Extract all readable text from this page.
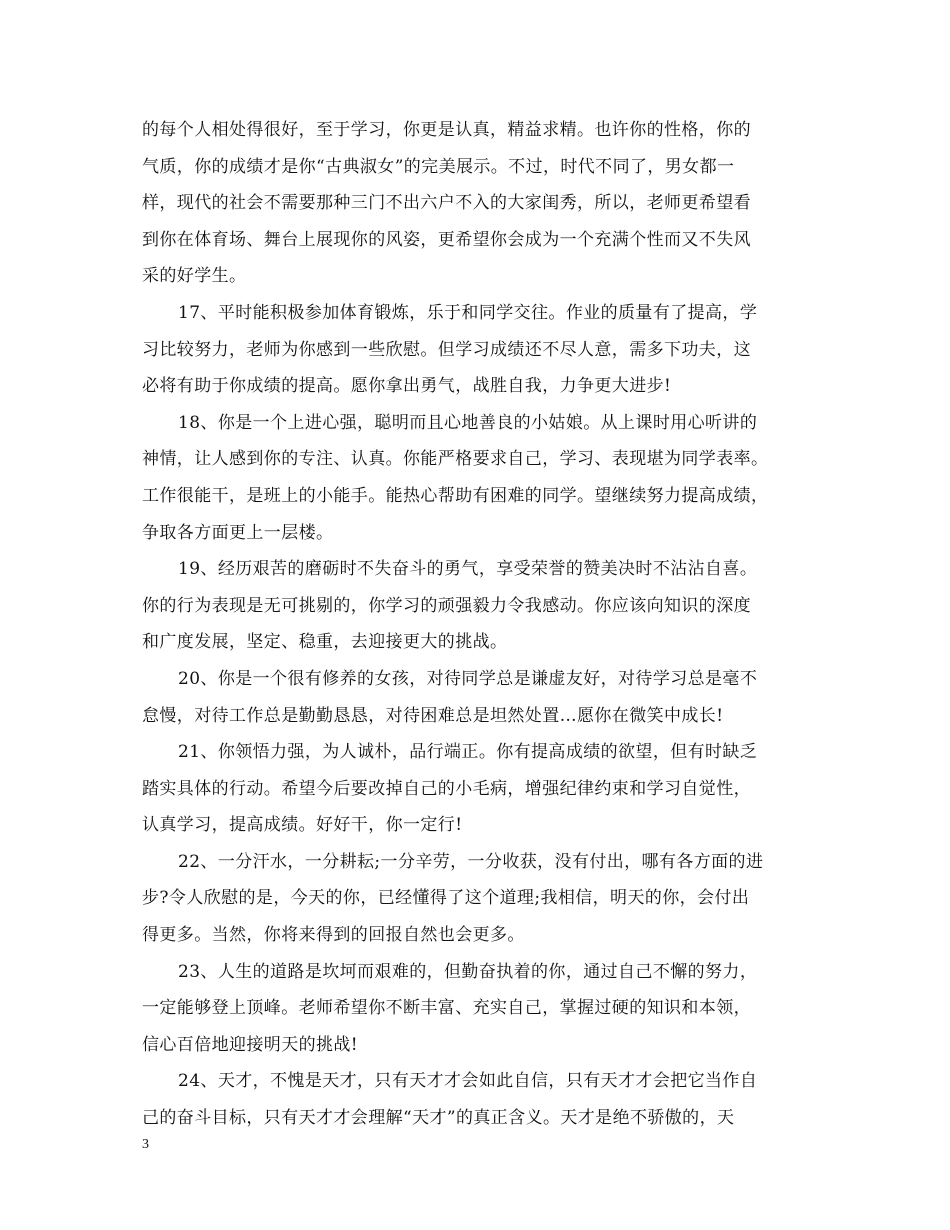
的每个人相处得很好，至于学习，你更是认真，精益求精。也许你的性格，你的
气质，你的成绩才是你“古典淑女”的完美展示。不过，时代不同了，男女都一
样，现代的社会不需要那种三门不出六户不入的大家闺秀，所以，老师更希望看
到你在体育场、舞台上展现你的风姿，更希望你会成为一个充满个性而又不失风
采的好学生。
17、平时能积极参加体育锻炼，乐于和同学交往。作业的质量有了提高，学
习比较努力，老师为你感到一些欣慰。但学习成绩还不尽人意，需多下功夫，这
必将有助于你成绩的提高。愿你拿出勇气，战胜自我，力争更大进步!
18、你是一个上进心强，聪明而且心地善良的小姑娘。从上课时用心听讲的
神情，让人感到你的专注、认真。你能严格要求自己，学习、表现堪为同学表率。
工作很能干，是班上的小能手。能热心帮助有困难的同学。望继续努力提高成绩，
争取各方面更上一层楼。
19、经历艰苦的磨砺时不失奋斗的勇气，享受荣誉的赞美决时不沾沾自喜。
你的行为表现是无可挑剔的，你学习的顽强毅力令我感动。你应该向知识的深度
和广度发展，坚定、稳重，去迎接更大的挑战。
20、你是一个很有修养的女孩，对待同学总是谦虚友好，对待学习总是毫不
怠慢，对待工作总是勤勤恳恳，对待困难总是坦然处置…愿你在微笑中成长!
21、你领悟力强，为人诚朴，品行端正。你有提高成绩的欲望，但有时缺乏
踏实具体的行动。希望今后要改掉自己的小毛病，增强纪律约束和学习自觉性，
认真学习，提高成绩。好好干，你一定行!
22、一分汗水，一分耕耘;一分辛劳，一分收获，没有付出，哪有各方面的进
步?令人欣慰的是，今天的你，已经懂得了这个道理;我相信，明天的你，会付出
得更多。当然，你将来得到的回报自然也会更多。
23、人生的道路是坎坷而艰难的，但勤奋执着的你，通过自己不懈的努力，
一定能够登上顶峰。老师希望你不断丰富、充实自己，掌握过硬的知识和本领，
信心百倍地迎接明天的挑战!
24、天才，不愧是天才，只有天才才会如此自信，只有天才才会把它当作自
己的奋斗目标，只有天才才会理解“天才”的真正含义。天才是绝不骄傲的，天
3
